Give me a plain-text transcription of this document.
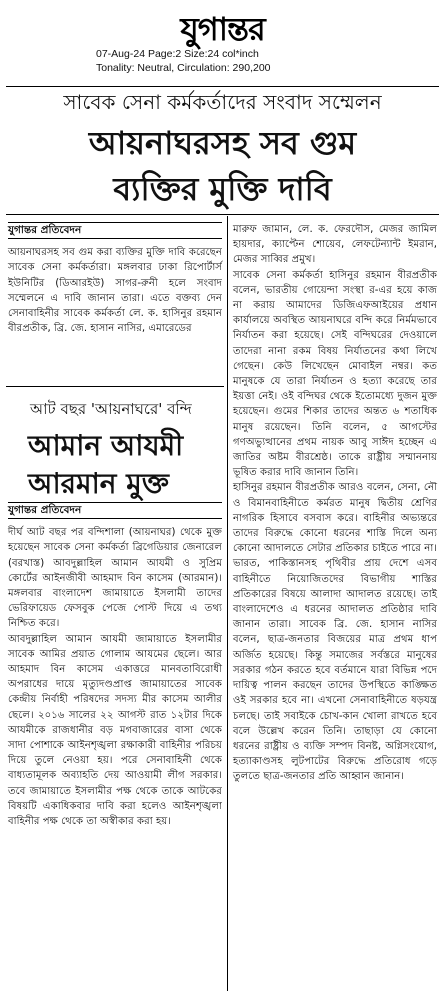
যুগান্তর
07-Aug-24 Page:2 Size:24 col*inch
Tonality: Neutral, Circulation: 290,200
সাবেক সেনা কর্মকর্তাদের সংবাদ সম্মেলন
আয়নাঘরসহ সব গুম
ব্যক্তির মুক্তি দাবি
যুগান্তর প্রতিবেদন

আয়নাঘরসহ সব গুম করা ব্যক্তির মুক্তি দাবি করেছেন সাবেক সেনা কর্মকর্তারা। মঙ্গলবার ঢাকা রিপোর্টার্স ইউনিটির (ডিআরইউ) সাগর-রুনী হলে সংবাদ সম্মেলনে এ দাবি জানান তারা। এতে বক্তব্য দেন সেনাবাহিনীর সাবেক কর্মকর্তা লে. ক. হাসিনুর রহমান বীরপ্রতীক, ব্রি. জে. হাসান নাসির, এমারেডের

আট বছর 'আয়নাঘরে' বন্দি
আমান আযমী
আরমান মুক্ত
যুগান্তর প্রতিবেদন

দীর্ঘ আট বছর পর বন্দিশালা (আয়নাঘর) থেকে মুক্ত হয়েছেন সাবেক সেনা কর্মকর্তা ব্রিগেডিয়ার জেনারেল (বরখাস্ত) আবদুল্লাহিল আমান আযমী ও সুপ্রিম কোর্টের আইনজীবী আহমাদ বিন কাসেম (আরমান)। মঙ্গলবার বাংলাদেশ জামায়াতে ইসলামী তাদের ভেরিফায়েড ফেসবুক পেজে পোস্ট দিয়ে এ তথ্য নিশ্চিত করে।

আবদুল্লাহিল আমান আযমী জামায়াতে ইসলামীর সাবেক আমির প্রয়াত গোলাম আযমের ছেলে। আর আহমাদ বিন কাসেম একাত্তরে মানবতাবিরোধী অপরাধের দায়ে মৃত্যুদণ্ডপ্রাপ্ত জামায়াতের সাবেক কেন্দ্রীয় নির্বাহী পরিষদের সদস্য মীর কাসেম আলীর ছেলে। ২০১৬ সালের ২২ আগস্ট রাত ১২টার দিকে আযমীকে রাজধানীর বড় মগবাজারের বাসা থেকে সাদা পোশাকে আইনশৃঙ্খলা রক্ষাকারী বাহিনীর পরিচয় দিয়ে তুলে নেওয়া হয়। পরে সেনাবাহিনী থেকে বাধ্যতামূলক অব্যাহতি দেয় আওয়ামী লীগ সরকার। তবে জামায়াতে ইসলামীর পক্ষ থেকে তাকে আটকের বিষয়টি একাধিকবার দাবি করা হলেও আইনশৃঙ্খলা বাহিনীর পক্ষ থেকে তা অস্বীকার করা হয়।

মারুফ জামান, লে. ক. ফেরদৌস, মেজর জামিল হায়দার, ক্যাপ্টেন শোয়েব, লেফটেন্যান্ট ইমরান, মেজর সাব্বির প্রমুখ।

সাবেক সেনা কর্মকর্তা হাসিনুর রহমান বীরপ্রতীক বলেন, ভারতীয় গোয়েন্দা সংস্থা র-এর হয়ে কাজ না করায় আমাদের ডিজিএফআইয়ের প্রধান কার্যালয়ে অবস্থিত আয়নাঘরে বন্দি করে নির্মমভাবে নির্যাতন করা হয়েছে। সেই বন্দিঘরের দেওয়ালে তাদেরা নানা রকম বিষয় নির্যাতনের কথা লিখে গেছেন। কেউ লিখেছেন মোবাইল নম্বর। কত মানুষকে যে তারা নির্যাতন ও হত্যা করেছে তার ইয়ত্তা নেই। ওই বন্দিঘর থেকে ইতোমধ্যে দুজন মুক্ত হয়েছেন। গুমের শিকার তাদের অন্তত ৬ শতাধিক মানুষ রয়েছেন। তিনি বলেন, ৫ আগস্টের গণঅভ্যুত্থানের প্রথম নায়ক আবু সাঈদ হচ্ছেন এ জাতির অষ্টম বীরশ্রেষ্ঠ। তাকে রাষ্ট্রীয় সম্মাননায় ভূষিত করার দাবি জানান তিনি।

হাসিনুর রহমান বীরপ্রতীক আরও বলেন, সেনা, নৌ ও বিমানবাহিনীতে কর্মরত মানুষ দ্বিতীয় শ্রেণির নাগরিক হিসাবে বসবাস করে। বাহিনীর অভ্যন্তরে তাদের বিরুদ্ধে কোনো ধরনের শাস্তি দিলে অন্য কোনো আদালতে সেটার প্রতিকার চাইতে পারে না। ভারত, পাকিস্তানসহ পৃথিবীর প্রায় দেশে এসব বাহিনীতে নিয়োজিতদের বিভাগীয় শাস্তির প্রতিকারের বিষয়ে আলাদা আদালত রয়েছে। তাই বাংলাদেশেও এ ধরনের আদালত প্রতিষ্ঠার দাবি জানান তারা। সাবেক ব্রি. জে. হাসান নাসির বলেন, ছাত্র-জনতার বিজয়ের মাত্র প্রথম ধাপ অর্জিত হয়েছে। কিন্তু সমাজের সর্বস্তরে মানুষের সরকার গঠন করতে হবে বর্তমানে যারা বিভিন্ন পদে দায়িত্ব পালন করছেন তাদের উপস্থিতে কাঙ্ক্ষিত ওই সরকার হবে না। এখনো সেনাবাহিনীতে ষড়যন্ত্র চলছে। তাই সবাইকে চোখ-কান খোলা রাখতে হবে বলে উল্লেখ করেন তিনি। তাছাড়া যে কোনো ধরনের রাষ্ট্রীয় ও ব্যক্তি সম্পদ বিনষ্ট, অগ্নিসংযোগ, হত্যাকাণ্ডসহ লুটপাটের বিরুদ্ধে প্রতিরোধ গড়ে তুলতে ছাত্র-জনতার প্রতি আহ্বান জানান।
